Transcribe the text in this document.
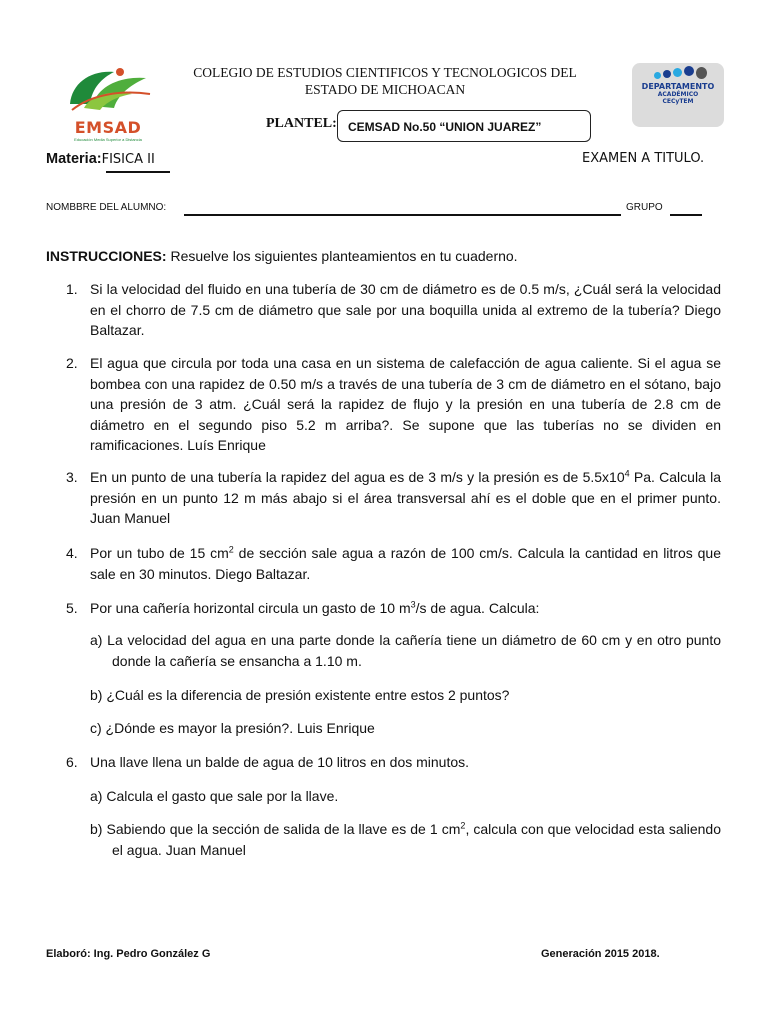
EMSAD
Educación Media Superior a Distancia
COLEGIO DE ESTUDIOS CIENTIFICOS Y TECNOLOGICOS DEL
ESTADO DE MICHOACAN	DEPARTAMENTO
ACADÉMICO
CECyTEM
PLANTEL: CEMSAD No.50 “UNION JUAREZ”
Materia:FISICA II	EXAMEN A TITULO.
NOMBBRE DEL ALUMNO:	GRUPO
INSTRUCCIONES: Resuelve los siguientes planteamientos en tu cuaderno.
1. Si la velocidad del fluido en una tubería de 30 cm de diámetro es de 0.5 m/s, ¿Cuál será la velocidad en el chorro de 7.5 cm de diámetro que sale por una boquilla unida al extremo de la tubería? Diego Baltazar.
2. El agua que circula por toda una casa en un sistema de calefacción de agua caliente. Si el agua se bombea con una rapidez de 0.50 m/s a través de una tubería de 3 cm de diámetro en el sótano, bajo una presión de 3 atm. ¿Cuál será la rapidez de flujo y la presión en una tubería de 2.8 cm de diámetro en el segundo piso 5.2 m arriba?. Se supone que las tuberías no se dividen en ramificaciones. Luís Enrique
3. En un punto de una tubería la rapidez del agua es de 3 m/s y la presión es de $5.5x10^4$ Pa. Calcula la presión en un punto 12 m más abajo si el área transversal ahí es el doble que en el primer punto. Juan Manuel
4. Por un tubo de 15 $cm^2$ de sección sale agua a razón de 100 cm/s. Calcula la cantidad en litros que sale en 30 minutos. Diego Baltazar.
5. Por una cañería horizontal circula un gasto de 10 $m^3/s$ de agua. Calcula:
a) La velocidad del agua en una parte donde la cañería tiene un diámetro de 60 cm y en otro punto donde la cañería se ensancha a 1.10 m.
b) ¿Cuál es la diferencia de presión existente entre estos 2 puntos?
c) ¿Dónde es mayor la presión?. Luis Enrique
6. Una llave llena un balde de agua de 10 litros en dos minutos.
a) Calcula el gasto que sale por la llave.
b) Sabiendo que la sección de salida de la llave es de 1 $cm^2$, calcula con que velocidad esta saliendo el agua. Juan Manuel
Elaboró: Ing. Pedro González G	Generación 2015 2018.
